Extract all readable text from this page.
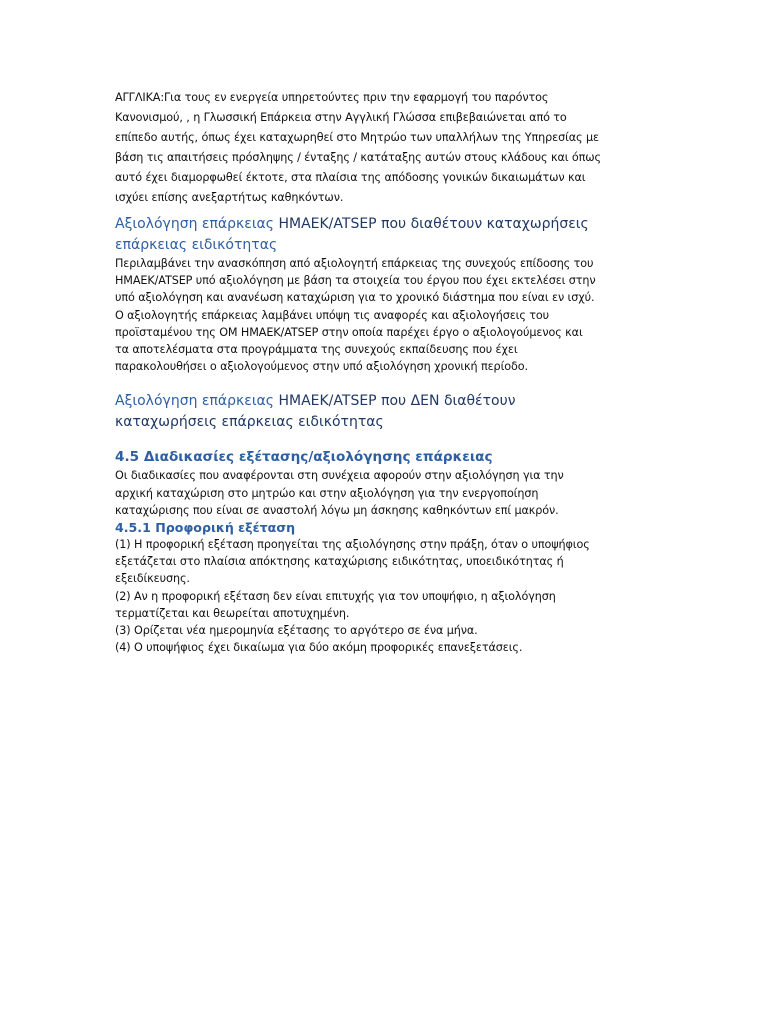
ΑΓΓΛΙΚΑ:Για τους εν ενεργεία υπηρετούντες πριν την εφαρμογή του παρόντος
Κανονισμού, , η Γλωσσική Επάρκεια στην Αγγλική Γλώσσα επιβεβαιώνεται από το
επίπεδο αυτής, όπως έχει καταχωρηθεί στο Μητρώο των υπαλλήλων της Υπηρεσίας με
βάση τις απαιτήσεις πρόσληψης / ένταξης / κατάταξης αυτών στους κλάδους και όπως
αυτό έχει διαμορφωθεί έκτοτε, στα πλαίσια της απόδοσης γονικών δικαιωμάτων και
ισχύει επίσης ανεξαρτήτως καθηκόντων.

Αξιολόγηση επάρκειας ΗΜΑΕΚ/ATSEP που διαθέτουν καταχωρήσεις
επάρκειας ειδικότητας

Περιλαμβάνει την ανασκόπηση από αξιολογητή επάρκειας της συνεχούς επίδοσης του
ΗΜΑΕΚ/ATSEP υπό αξιολόγηση με βάση τα στοιχεία του έργου που έχει εκτελέσει στην
υπό αξιολόγηση και ανανέωση καταχώριση για το χρονικό διάστημα που είναι εν ισχύ.
Ο αξιολογητής επάρκειας λαμβάνει υπόψη τις αναφορές και αξιολογήσεις του
προϊσταμένου της ΟΜ ΗΜΑΕΚ/ATSEP στην οποία παρέχει έργο ο αξιολογούμενος και
τα αποτελέσματα στα προγράμματα της συνεχούς εκπαίδευσης που έχει
παρακολουθήσει ο αξιολογούμενος στην υπό αξιολόγηση χρονική περίοδο.

Αξιολόγηση επάρκειας ΗΜΑΕΚ/ATSEP που ΔΕΝ διαθέτουν
καταχωρήσεις επάρκειας ειδικότητας
4.5 Διαδικασίες εξέτασης/αξιολόγησης επάρκειας

Οι διαδικασίες που αναφέρονται στη συνέχεια αφορούν στην αξιολόγηση για την
αρχική καταχώριση στο μητρώο και στην αξιολόγηση για την ενεργοποίηση
καταχώρισης που είναι σε αναστολή λόγω μη άσκησης καθηκόντων επί μακρόν.

4.5.1 Προφορική εξέταση

(1) Η προφορική εξέταση προηγείται της αξιολόγησης στην πράξη, όταν ο υποψήφιος
εξετάζεται στο πλαίσια απόκτησης καταχώρισης ειδικότητας, υποειδικότητας ή
εξειδίκευσης.
(2) Αν η προφορική εξέταση δεν είναι επιτυχής για τον υποψήφιο, η αξιολόγηση
τερματίζεται και θεωρείται αποτυχημένη.
(3) Ορίζεται νέα ημερομηνία εξέτασης το αργότερο σε ένα μήνα.
(4) Ο υποψήφιος έχει δικαίωμα για δύο ακόμη προφορικές επανεξετάσεις.
